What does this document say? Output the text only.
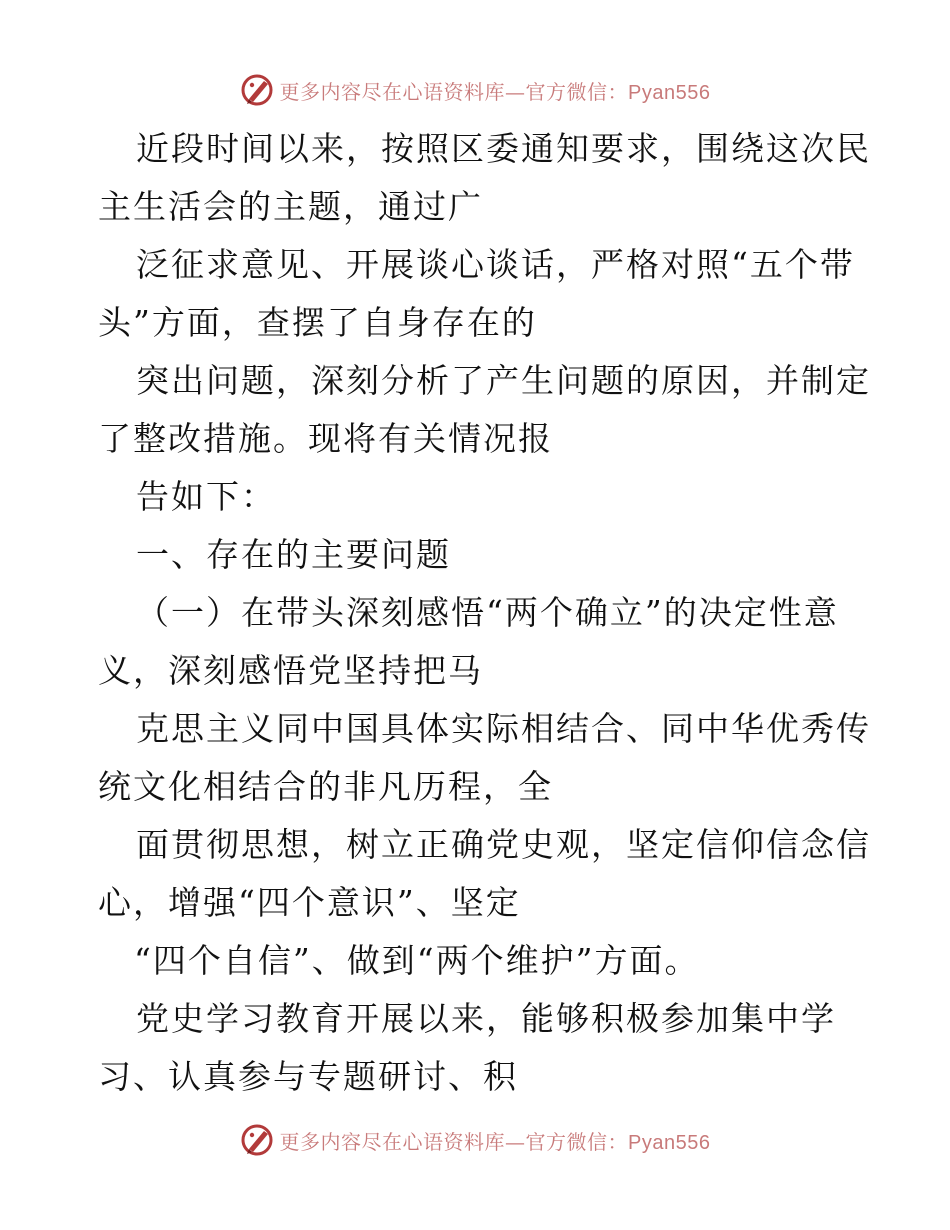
更多内容尽在心语资料库—官方微信：Pyan556
近段时间以来，按照区委通知要求，围绕这次民
主生活会的主题，通过广
泛征求意见、开展谈心谈话，严格对照“五个带
头”方面，查摆了自身存在的
突出问题，深刻分析了产生问题的原因，并制定
了整改措施。现将有关情况报
告如下：
一、存在的主要问题
（一）在带头深刻感悟“两个确立”的决定性意
义，深刻感悟党坚持把马
克思主义同中国具体实际相结合、同中华优秀传
统文化相结合的非凡历程，全
面贯彻思想，树立正确党史观，坚定信仰信念信
心，增强“四个意识”、坚定
“四个自信”、做到“两个维护”方面。
党史学习教育开展以来，能够积极参加集中学
习、认真参与专题研讨、积
更多内容尽在心语资料库—官方微信：Pyan556
